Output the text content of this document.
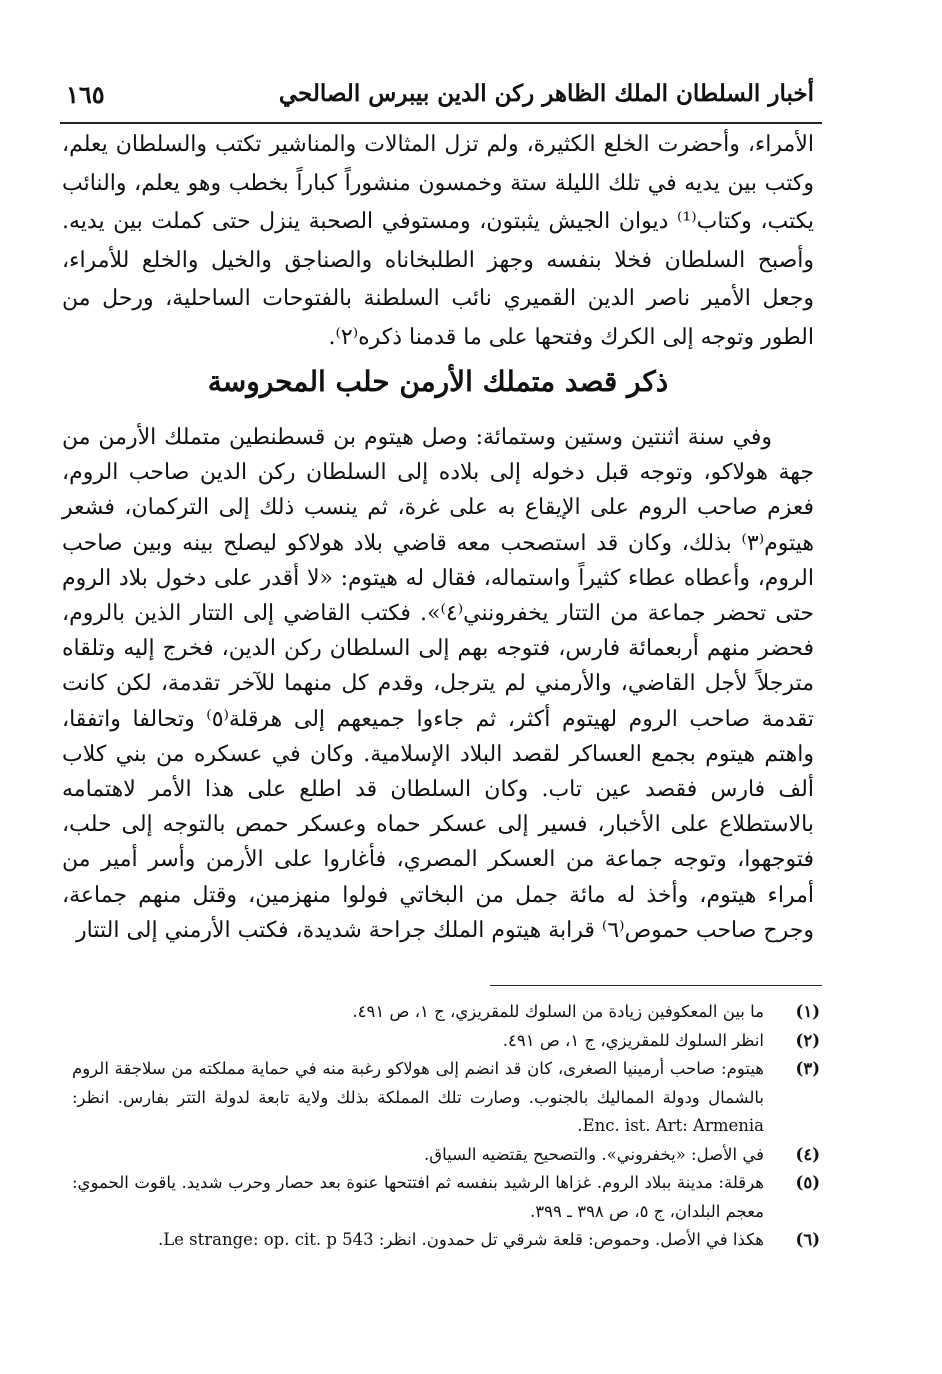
أخبار السلطان الملك الظاهر ركن الدين بيبرس الصالحي
١٦٥

الأمراء، وأحضرت الخلع الكثيرة، ولم تزل المثالات والمناشير تكتب والسلطان يعلم، وكتب بين يديه في تلك الليلة ستة وخمسون منشوراً كباراً بخطب وهو يعلم، والنائب يكتب، وكتاب⁽¹⁾ ديوان الجيش يثبتون، ومستوفي الصحبة ينزل حتى كملت بين يديه. وأصبح السلطان فخلا بنفسه وجهز الطلبخاناه والصناجق والخيل والخلع للأمراء، وجعل الأمير ناصر الدين القميري نائب السلطنة بالفتوحات الساحلية، ورحل من الطور وتوجه إلى الكرك وفتحها على ما قدمنا ذكره⁽٢⁾.

ذكر قصد متملك الأرمن حلب المحروسة

وفي سنة اثنتين وستين وستمائة: وصل هيتوم بن قسطنطين متملك الأرمن من جهة هولاكو، وتوجه قبل دخوله إلى بلاده إلى السلطان ركن الدين صاحب الروم، فعزم صاحب الروم على الإيقاع به على غرة، ثم ينسب ذلك إلى التركمان، فشعر هيتوم⁽٣⁾ بذلك، وكان قد استصحب معه قاضي بلاد هولاكو ليصلح بينه وبين صاحب الروم، وأعطاه عطاء كثيراً واستماله، فقال له هيتوم: «لا أقدر على دخول بلاد الروم حتى تحضر جماعة من التتار يخفرونني⁽٤⁾». فكتب القاضي إلى التتار الذين بالروم، فحضر منهم أربعمائة فارس، فتوجه بهم إلى السلطان ركن الدين، فخرج إليه وتلقاه مترجلاً لأجل القاضي، والأرمني لم يترجل، وقدم كل منهما للآخر تقدمة، لكن كانت تقدمة صاحب الروم لهيتوم أكثر، ثم جاءوا جميعهم إلى هرقلة⁽٥⁾ وتحالفا واتفقا، واهتم هيتوم بجمع العساكر لقصد البلاد الإسلامية. وكان في عسكره من بني كلاب ألف فارس فقصد عين تاب. وكان السلطان قد اطلع على هذا الأمر لاهتمامه بالاستطلاع على الأخبار، فسير إلى عسكر حماه وعسكر حمص بالتوجه إلى حلب، فتوجهوا، وتوجه جماعة من العسكر المصري، فأغاروا على الأرمن وأسر أمير من أمراء هيتوم، وأخذ له مائة جمل من البخاتي فولوا منهزمين، وقتل منهم جماعة، وجرح صاحب حموص⁽٦⁾ قرابة هيتوم الملك جراحة شديدة، فكتب الأرمني إلى التتار

(١)
ما بين المعكوفين زيادة من السلوك للمقريزي، ج ١، ص ٤٩١.
(٢)
انظر السلوك للمقريزي، ج ١، ص ٤٩١.
(٣)
هيتوم: صاحب أرمينيا الصغرى، كان قد انضم إلى هولاكو رغبة منه في حماية مملكته من سلاجقة الروم بالشمال ودولة المماليك بالجنوب. وصارت تلك المملكة بذلك ولاية تابعة لدولة التتر بفارس. انظر: Enc. ist. Art: Armenia.
(٤)
في الأصل: «يخفروني». والتصحيح يقتضيه السياق.
(٥)
هرقلة: مدينة ببلاد الروم. غزاها الرشيد بنفسه ثم افتتحها عنوة بعد حصار وحرب شديد. ياقوت الحموي: معجم البلدان، ج ٥، ص ٣٩٨ ـ ٣٩٩.
(٦)
هكذا في الأصل. وحموص: قلعة شرقي تل حمدون. انظر: Le strange: op. cit. p 543.
